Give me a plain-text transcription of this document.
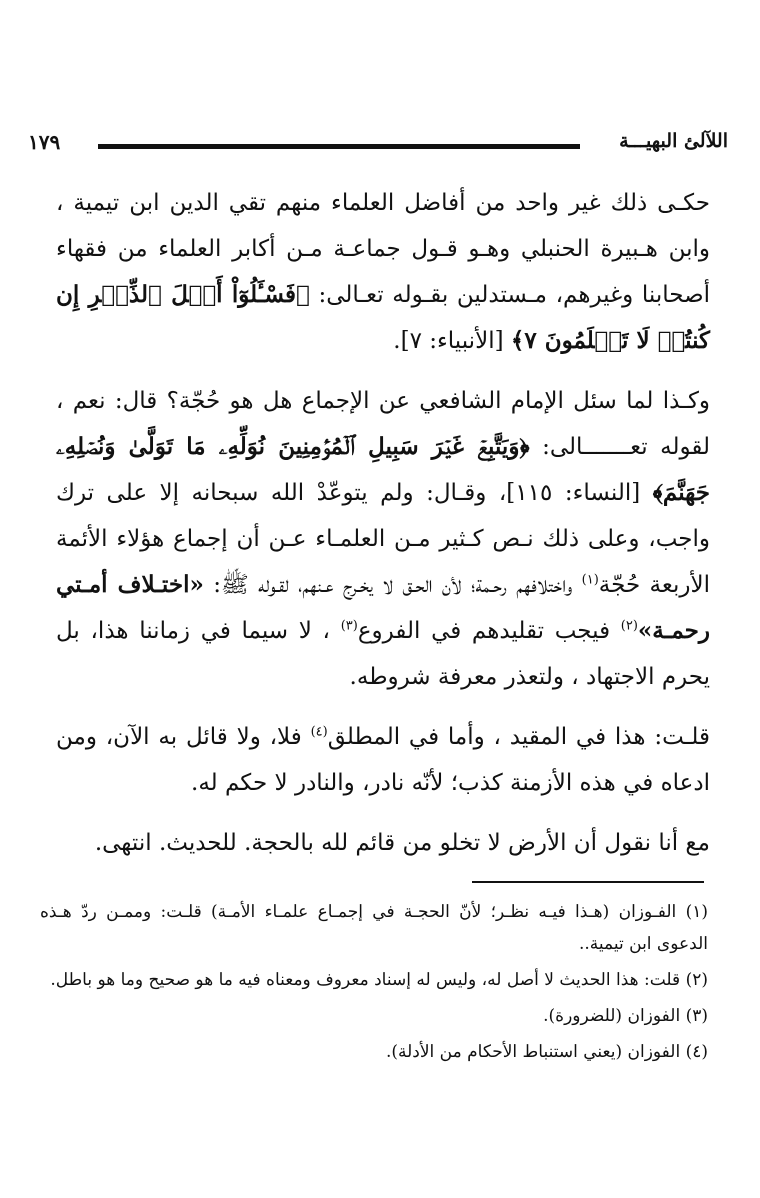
اللآلئ البهيـــة
١٧٩

حكـى ذلك غير واحد من أفاضل العلماء منهم تقي الدين ابن تيمية ، وابن هـبيرة الحنبلي وهـو قـول جماعـة مـن أكابر العلماء من فقهاء أصحابنا وغيرهم، مـستدلين بقـوله تعـالى: ﴿فَسْـَٔلُوٓاْ أَهۡلَ ٱلذِّكۡرِ إِن كُنتُمۡ لَا تَعۡلَمُونَ ٧﴾ [الأنبياء: ٧].

وكـذا لما سئل الإمام الشافعي عن الإجماع هل هو حُجّة؟ قال: نعم ، لقوله تعـــــــالى: ﴿وَيَتَّبِعۡ غَيۡرَ سَبِيلِ ٱلۡمُؤۡمِنِينَ نُوَلِّهِۦ مَا تَوَلَّىٰ وَنُصۡلِهِۦ جَهَنَّمَ﴾ [النساء: ١١٥]، وقـال: ولم يتوعّدْ الله سبحانه إلا على ترك واجب، وعلى ذلك نـص كـثير مـن العلمـاء عـن أن إجماع هؤلاء الأئمة الأربعة حُجّة$^{(١)}$ واختلافهم رحـمة؛ لأن الحـق لا يخـرج عـنهم، لقـوله ﷺ: «اختـلاف أمـتي رحمـة»$^{(٢)}$ فيجب تقليدهم في الفروع$^{(٣)}$ ، لا سيما في زماننا هذا، بل يحرم الاجتهاد ، ولتعذر معرفة شروطه.

قلـت: هذا في المقيد ، وأما في المطلق$^{(٤)}$ فلا، ولا قائل به الآن، ومن ادعاه في هذه الأزمنة كذب؛ لأنّه نادر، والنادر لا حكم له.

مع أنا نقول أن الأرض لا تخلو من قائم لله بالحجة. للحديث. انتهى.

(١) الفـوزان (هـذا فيـه نظـر؛ لأنّ الحجـة في إجمـاع علمـاء الأمـة) قلـت: وممـن ردّ هـذه الدعوى ابن تيمية..

(٢) قلت: هذا الحديث لا أصل له، وليس له إسناد معروف ومعناه فيه ما هو صحيح وما هو باطل.

(٣) الفوزان (للضرورة).

(٤) الفوزان (يعني استنباط الأحكام من الأدلة).
